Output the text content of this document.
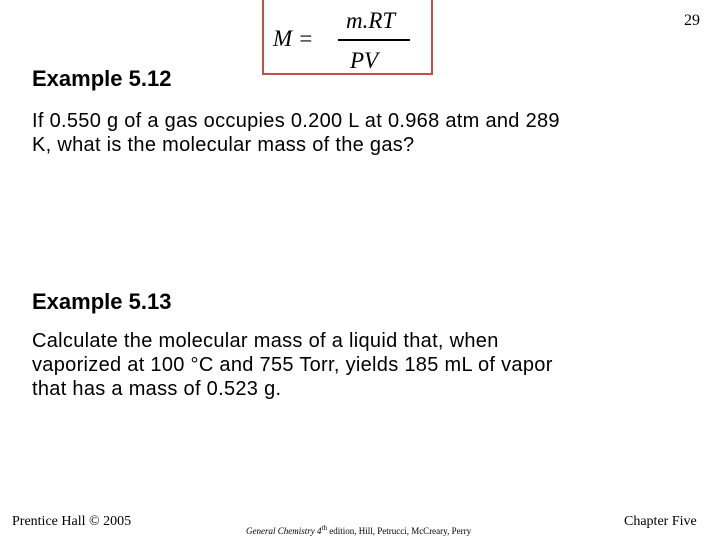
M =
m.RT
PV
29
Example 5.12
If 0.550 g of a gas occupies 0.200 L at 0.968 atm and 289
K, what is the molecular mass of the gas?
Example 5.13
Calculate the molecular mass of a liquid that, when
vaporized at 100 °C and 755 Torr, yields 185 mL of vapor
that has a mass of 0.523 g.
Prentice Hall © 2005
General Chemistry 4th edition, Hill, Petrucci, McCreary, Perry
Chapter Five
